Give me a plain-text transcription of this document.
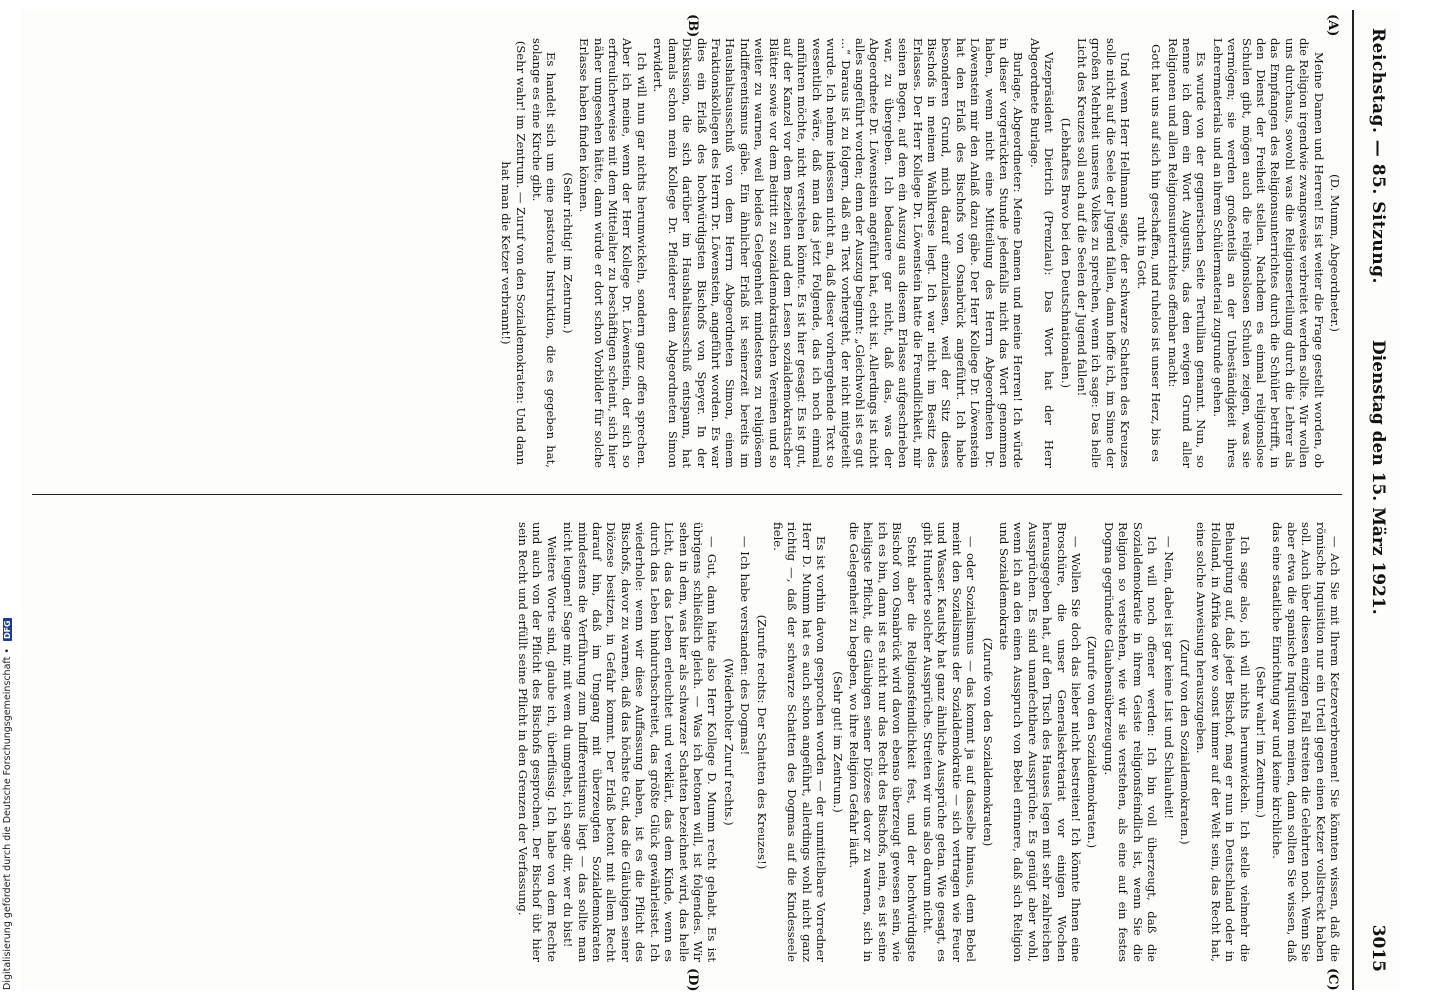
Reichstag. — 85. Sitzung.
Dienstag den 15. März 1921.
3015
(A)
(B)
(C)
(D)

(D. Mumm, Abgeordneter.)

Meine Damen und Herren! Es ist weiter die Frage gestellt worden, ob die Religion irgendwie zwangsweise verbreitet werden sollte. Wir wollen uns durchaus, sowohl was die Religionserteilung durch die Lehrer als das Empfangen des Religionsunterrichtes durch die Schüler betrifft, in den Dienst der Freiheit stellen. Nachdem es einmal religionslose Schulen gibt, mögen auch die religionslosen Schulen zeigen, was sie vermögen; sie werden großenteils an der Unbeständigkeit ihres Lehrermaterials und an ihrem Schülermaterial zugrunde gehen.

Es wurde von der gegnerischen Seite Tertullian genannt. Nun, so nenne ich dem ein Wort Augustins, das den ewigen Grund aller Religionen und allen Religionsunterrichtes offenbar macht:

Gott hat uns auf sich hin geschaffen, und ruhelos ist unser Herz, bis es ruht in Gott.

Und wenn Herr Hellmann sagte, der schwarze Schatten des Kreuzes solle nicht auf die Seele der Jugend fallen, dann hoffe ich, im Sinne der großen Mehrheit unseres Volkes zu sprechen, wenn ich sage: Das helle Licht des Kreuzes soll auch auf die Seelen der Jugend fallen!

(Lebhaftes Bravo bei den Deutschnationalen.)

Vizepräsident Dietrich (Prenzlau): Das Wort hat der Herr Abgeordnete Burlage.

Burlage, Abgeordneter: Meine Damen und meine Herren! Ich würde in dieser vorgerückten Stunde jedenfalls nicht das Wort genommen haben, wenn nicht eine Mitteilung des Herrn Abgeordneten Dr. Löwenstein mir den Anlaß dazu gäbe. Der Herr Kollege Dr. Löwenstein hat den Erlaß des Bischofs von Osnabrück angeführt. Ich habe besonderen Grund, mich darauf einzulassen, weil der Sitz dieses Bischofs in meinem Wahlkreise liegt. Ich war nicht im Besitz des Erlasses. Der Herr Kollege Dr. Löwenstein hatte die Freundlichkeit, mir seinen Bogen, auf dem ein Auszug aus diesem Erlasse aufgeschrieben war, zu übergeben. Ich bedauere gar nicht, daß das, was der Abgeordnete Dr. Löwenstein angeführt hat, echt ist. Allerdings ist nicht alles angeführt worden; denn der Auszug beginnt: „Gleichwohl ist es gut ...“ Daraus ist zu folgern, daß ein Text vorhergeht, der nicht mitgeteilt wurde. Ich nehme indessen nicht an, daß dieser vorhergehende Text so wesentlich wäre, daß man das jetzt Folgende, das ich noch einmal anführen möchte, nicht verstehen könnte. Es ist hier gesagt: Es ist gut, auf der Kanzel vor dem Beziehen und dem Lesen sozialdemokratischer Blätter sowie vor dem Beitritt zu sozialdemokratischen Vereinen und so weiter zu warnen, weil beides Gelegenheit mindestens zu religiösem Indifferentismus gäbe. Ein ähnlicher Erlaß ist seinerzeit bereits im Haushaltsausschuß von dem Herrn Abgeordneten Simon, einem Fraktionskollegen des Herrn Dr. Löwenstein, angeführt worden. Es war dies ein Erlaß des hochwürdigsten Bischofs von Speyer. In der Diskussion, die sich darüber im Haushaltsausschuß entspann, hat damals schon mein Kollege Dr. Pfleiderer dem Abgeordneten Simon erwidert.

Ich will nun gar nichts herumwickeln, sondern ganz offen sprechen. Aber ich meine, wenn der Herr Kollege Dr. Löwenstein, der sich so erfreulicherweise mit dem Mittelalter zu beschäftigen scheint, sich hier näher umgesehen hätte, dann würde er dort schon Vorbilder für solche Erlasse haben finden können.

(Sehr richtig! im Zentrum.)

Es handelt sich um eine pastorale Instruktion, die es gegeben hat, solange es eine Kirche gibt.

(Sehr wahr! im Zentrum. — Zuruf von den Sozialdemokraten: Und dann hat man die Ketzer verbrannt!)

— Ach Sie mit Ihrem Ketzerverbrennen! Sie könnten wissen, daß die römische Inquisition nur ein Urteil gegen einen Ketzer vollstreckt haben soll. Auch über diesen einzigen Fall streiten die Gelehrten noch. Wenn Sie aber etwa die spanische Inquisition meinen, dann sollten Sie wissen, daß das eine staatliche Einrichtung war und keine kirchliche.

(Sehr wahr! im Zentrum.)

Ich sage also, ich will nichts herumwickeln. Ich stelle vielmehr die Behauptung auf, daß jeder Bischof, mag er nun in Deutschland oder in Holland, in Afrika oder wo sonst immer auf der Welt sein, das Recht hat, eine solche Anweisung herauszugeben.

(Zuruf von den Sozialdemokraten.)

— Nein, dabei ist gar keine List und Schlauheit!

Ich will noch offener werden: Ich bin voll überzeugt, daß die Sozialdemokratie in ihrem Geiste religionsfeindlich ist, wenn Sie die Religion so verstehen, wie wir sie verstehen, als eine auf ein festes Dogma gegründete Glaubensüberzeugung.

(Zurufe von den Sozialdemokraten.)

— Wollen Sie doch das lieber nicht bestreiten! Ich könnte Ihnen eine Broschüre, die unser Generalsekretariat vor einigen Wochen herausgegeben hat, auf den Tisch des Hauses legen mit sehr zahlreichen Aussprüchen. Es sind unanfechtbare Aussprüche. Es genügt aber wohl, wenn ich an den einen Ausspruch von Bebel erinnere, daß sich Religion und Sozialdemokratie

(Zurufe von den Sozialdemokraten)

— oder Sozialismus — das kommt ja auf dasselbe hinaus, denn Bebel meint den Sozialismus der Sozialdemokratie — sich vertragen wie Feuer und Wasser. Kautsky hat ganz ähnliche Aussprüche getan. Wie gesagt, es gibt Hunderte solcher Aussprüche. Streiten wir uns also darum nicht.

Steht aber die Religionsfeindlichkeit fest, und der hochwürdigste Bischof von Osnabrück wird davon ebenso überzeugt gewesen sein, wie ich es bin, dann ist es nicht nur das Recht des Bischofs, nein, es ist seine heiligste Pflicht, die Gläubigen seiner Diözese davor zu warnen, sich in die Gelegenheit zu begeben, wo ihre Religion Gefahr läuft.

(Sehr gut! im Zentrum.)

Es ist vorhin davon gesprochen worden — der unmittelbare Vorredner Herr D. Mumm hat es auch schon angeführt, allerdings wohl nicht ganz richtig —, daß der schwarze Schatten des Dogmas auf die Kindesseele fiele.

(Zurufe rechts: Der Schatten des Kreuzes!)

— Ich habe verstanden: des Dogmas!

(Wiederholter Zuruf rechts.)

— Gut, dann hätte also Herr Kollege D. Mumm recht gehabt. Es ist übrigens schließlich gleich. — Was ich betonen will, ist folgendes. Wir sehen in dem, was hier als schwarzer Schatten bezeichnet wird, das helle Licht, das das Leben erleuchtet und verklärt, das dem Kinde, wenn es durch das Leben hindurchschreitet, das größte Glück gewährleistet. Ich wiederhole: wenn wir diese Auffassung haben, ist es die Pflicht des Bischofs, davor zu warnen, daß das höchste Gut, das die Gläubigen seiner Diözese besitzen, in Gefahr kommt. Der Erlaß betont mit allem Recht darauf hin, daß im Umgang mit überzeugten Sozialdemokraten mindestens die Verführung zum Indifferentismus liegt — das sollte man nicht leugnen! Sage mir, mit wem du umgehst, ich sage dir, wer du bist!

Weitere Worte sind, glaube ich, überflüssig. Ich habe von dem Rechte und auch von der Pflicht des Bischofs gesprochen. Der Bischof übt hier sein Recht und erfüllt seine Pflicht in den Grenzen der Verfassung.

Digitalisierung gefördert durch die Deutsche Forschungsgemeinschaft • DFG
